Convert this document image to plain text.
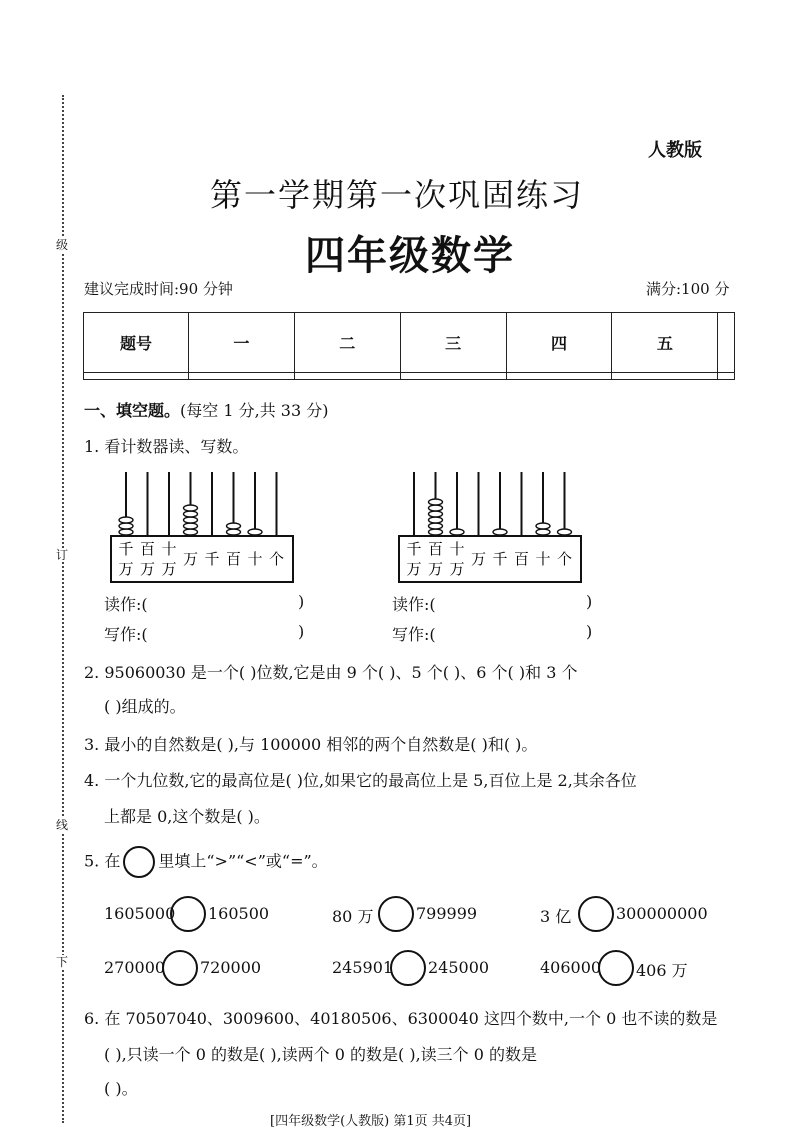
级
订
线
下
人教版
第一学期第一次巩固练习
四年级数学
建议完成时间:90 分钟	满分:100 分
题号	一	二	三	四	五	

一、填空题。(每空 1 分,共 33 分)
1. 看计数器读、写数。
千
万
百
万
十
万
万 千 百 十 个
千
万
百
万
十
万
万 千 百 十 个
读作:(	)
写作:(	)
读作:(	)
写作:(	)
2. 95060030 是一个( )位数,它是由 9 个( )、5 个( )、6 个( )和 3 个
( )组成的。
3. 最小的自然数是( ),与 100000 相邻的两个自然数是( )和( )。
4. 一个九位数,它的最高位是( )位,如果它的最高位上是 5,百位上是 2,其余各位
上都是 0,这个数是( )。
5. 在 里填上“>”“<”或“=”。
1605000 160500	80 万	799999	3 亿	300000000
270000 720000	245901 245000	406000 406 万
6. 在 70507040、3009600、40180506、6300040 这四个数中,一个 0 也不读的数是
( ),只读一个 0 的数是( ),读两个 0 的数是( ),读三个 0 的数是
( )。
[四年级数学(人教版) 第1页 共4页]
